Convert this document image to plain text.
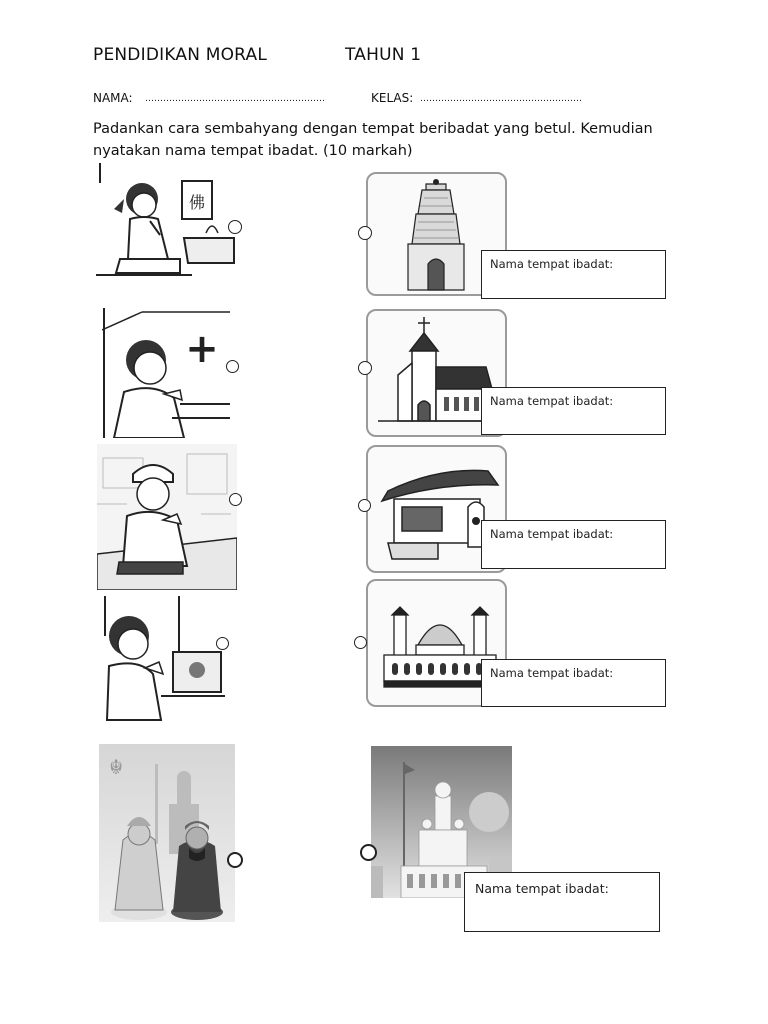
PENDIDIKAN MORAL	TAHUN 1
NAMA: ……………………………………………………	KELAS: ………………………………………………
Padankan cara sembahyang dengan tempat beribadat yang betul. Kemudian
nyatakan nama tempat ibadat. (10 markah)
佛
+
☬
Nama tempat ibadat:
Nama tempat ibadat:
Nama tempat ibadat:
Nama tempat ibadat:
Nama tempat ibadat:
